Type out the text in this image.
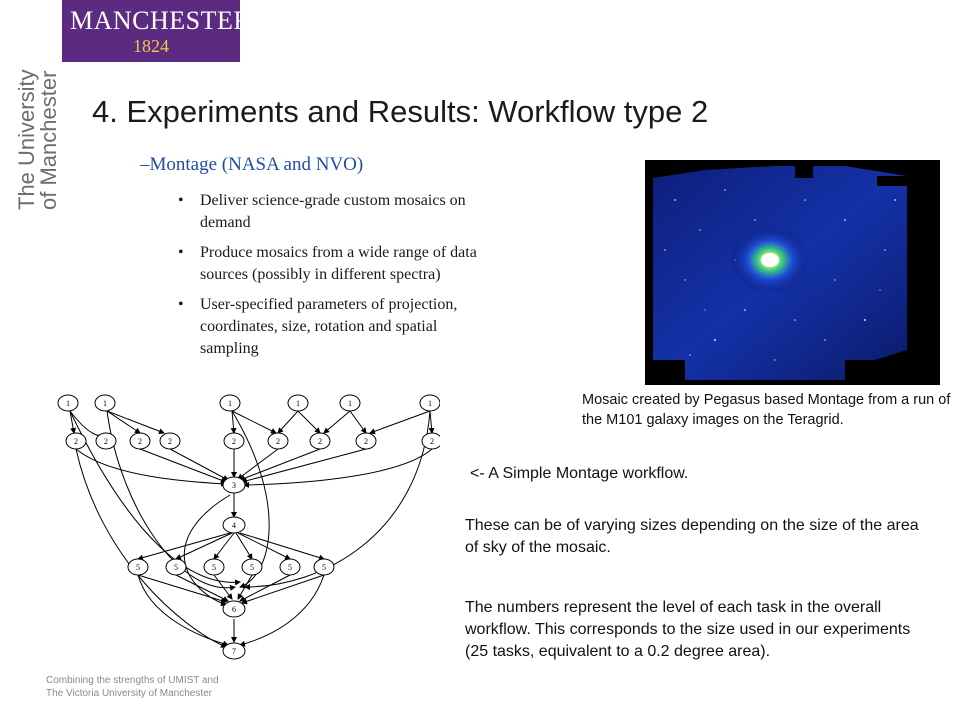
MANCHESTER
1824
The University
of Manchester 4. Experiments and Results: Workflow type 2
–Montage (NASA and NVO)
• Deliver science-grade custom mosaics on demand
• Produce mosaics from a wide range of data sources (possibly in different spectra)
• User-specified parameters of projection, coordinates, size, rotation and spatial sampling
Mosaic created by Pegasus based Montage from a run of the M101 galaxy images on the Teragrid.
1	1	1	1	1	1
2	2	2	2	2	2	2	2	2
3
4
5	5	5	5	5	5
6
7
<- A Simple Montage workflow.
These can be of varying sizes depending on the size of the area of sky of the mosaic.
The numbers represent the level of each task in the overall workflow. This corresponds to the size used in our experiments (25 tasks, equivalent to a 0.2 degree area).
Combining the strengths of UMIST and
The Victoria University of Manchester
